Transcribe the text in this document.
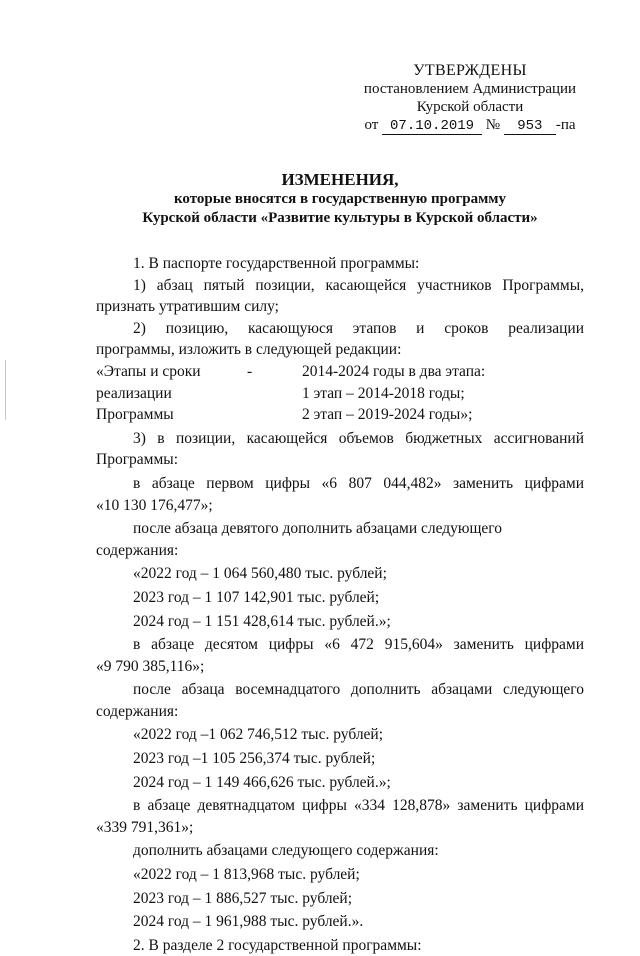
УТВЕРЖДЕНЫ
постановлением Администрации
Курской области
от 07.10.2019 № 953 -па
ИЗМЕНЕНИЯ,
которые вносятся в государственную программу
Курской области «Развитие культуры в Курской области»

1. В паспорте государственной программы:

1) абзац пятый позиции, касающейся участников Программы,

признать утратившим силу;

2) позицию, касающуюся этапов и сроков реализации

программы, изложить в следующей редакции:

«Этапы и сроки	-	2014-2024 годы в два этапа:
реализации	1 этап – 2014-2018 годы;
Программы	2 этап – 2019-2024 годы»;

3) в позиции, касающейся объемов бюджетных ассигнований

Программы:

в абзаце первом цифры «6 807 044,482» заменить цифрами

«10 130 176,477»;

после абзаца девятого дополнить абзацами следующего содержания:

«2022 год – 1 064 560,480 тыс. рублей;

2023 год – 1 107 142,901 тыс. рублей;

2024 год – 1 151 428,614 тыс. рублей.»;

в абзаце десятом цифры «6 472 915,604» заменить цифрами

«9 790 385,116»;

после абзаца восемнадцатого дополнить абзацами следующего

содержания:

«2022 год –1 062 746,512 тыс. рублей;

2023 год –1 105 256,374 тыс. рублей;

2024 год – 1 149 466,626 тыс. рублей.»;

в абзаце девятнадцатом цифры «334 128,878» заменить цифрами

«339 791,361»;

дополнить абзацами следующего содержания:

«2022 год – 1 813,968 тыс. рублей;

2023 год – 1 886,527 тыс. рублей;

2024 год – 1 961,988 тыс. рублей.».

2. В разделе 2 государственной программы:
